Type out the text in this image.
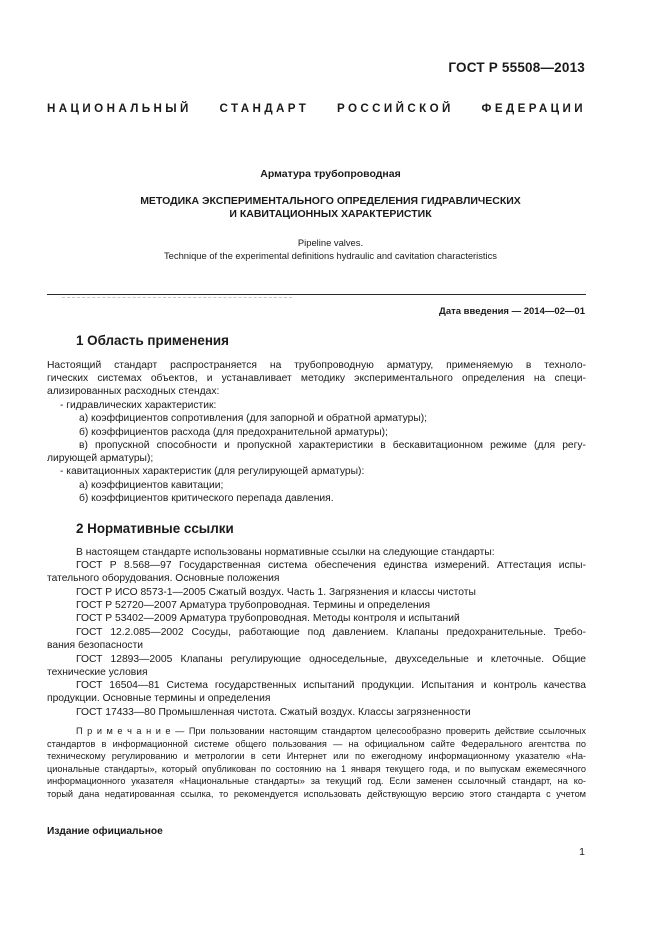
ГОСТ Р 55508—2013
НАЦИОНАЛЬНЫЙ СТАНДАРТ РОССИЙСКОЙ ФЕДЕРАЦИИ
Арматура трубопроводная
МЕТОДИКА ЭКСПЕРИМЕНТАЛЬНОГО ОПРЕДЕЛЕНИЯ ГИДРАВЛИЧЕСКИХ
И КАВИТАЦИОННЫХ ХАРАКТЕРИСТИК
Pipeline valves.
Technique of the experimental definitions hydraulic and cavitation characteristics
Дата введения — 2014—02—01
1 Область применения
Настоящий стандарт распространяется на трубопроводную арматуру, применяемую в техноло-
гических системах объектов, и устанавливает методику экспериментального определения на специ-
ализированных расходных стендах:
- гидравлических характеристик:
а) коэффициентов сопротивления (для запорной и обратной арматуры);
б) коэффициентов расхода (для предохранительной арматуры);
в) пропускной способности и пропускной характеристики в бескавитационном режиме (для регу-
лирующей арматуры);
- кавитационных характеристик (для регулирующей арматуры):
а) коэффициентов кавитации;
б) коэффициентов критического перепада давления.
2 Нормативные ссылки
В настоящем стандарте использованы нормативные ссылки на следующие стандарты:
ГОСТ Р 8.568—97 Государственная система обеспечения единства измерений. Аттестация испы-
тательного оборудования. Основные положения
ГОСТ Р ИСО 8573-1—2005 Сжатый воздух. Часть 1. Загрязнения и классы чистоты
ГОСТ Р 52720—2007 Арматура трубопроводная. Термины и определения
ГОСТ Р 53402—2009 Арматура трубопроводная. Методы контроля и испытаний
ГОСТ 12.2.085—2002 Сосуды, работающие под давлением. Клапаны предохранительные. Требо-
вания безопасности
ГОСТ 12893—2005 Клапаны регулирующие односедельные, двухседельные и клеточные. Общие
технические условия
ГОСТ 16504—81 Система государственных испытаний продукции. Испытания и контроль качества
продукции. Основные термины и определения
ГОСТ 17433—80 Промышленная чистота. Сжатый воздух. Классы загрязненности
П р и м е ч а н и е — При пользовании настоящим стандартом целесообразно проверить действие ссылочных
стандартов в информационной системе общего пользования — на официальном сайте Федерального агентства по
техническому регулированию и метрологии в сети Интернет или по ежегодному информационному указателю «На-
циональные стандарты», который опубликован по состоянию на 1 января текущего года, и по выпускам ежемесячного
информационного указателя «Национальные стандарты» за текущий год. Если заменен ссылочный стандарт, на ко-
торый дана недатированная ссылка, то рекомендуется использовать действующую версию этого стандарта с учетом
Издание официальное
1
